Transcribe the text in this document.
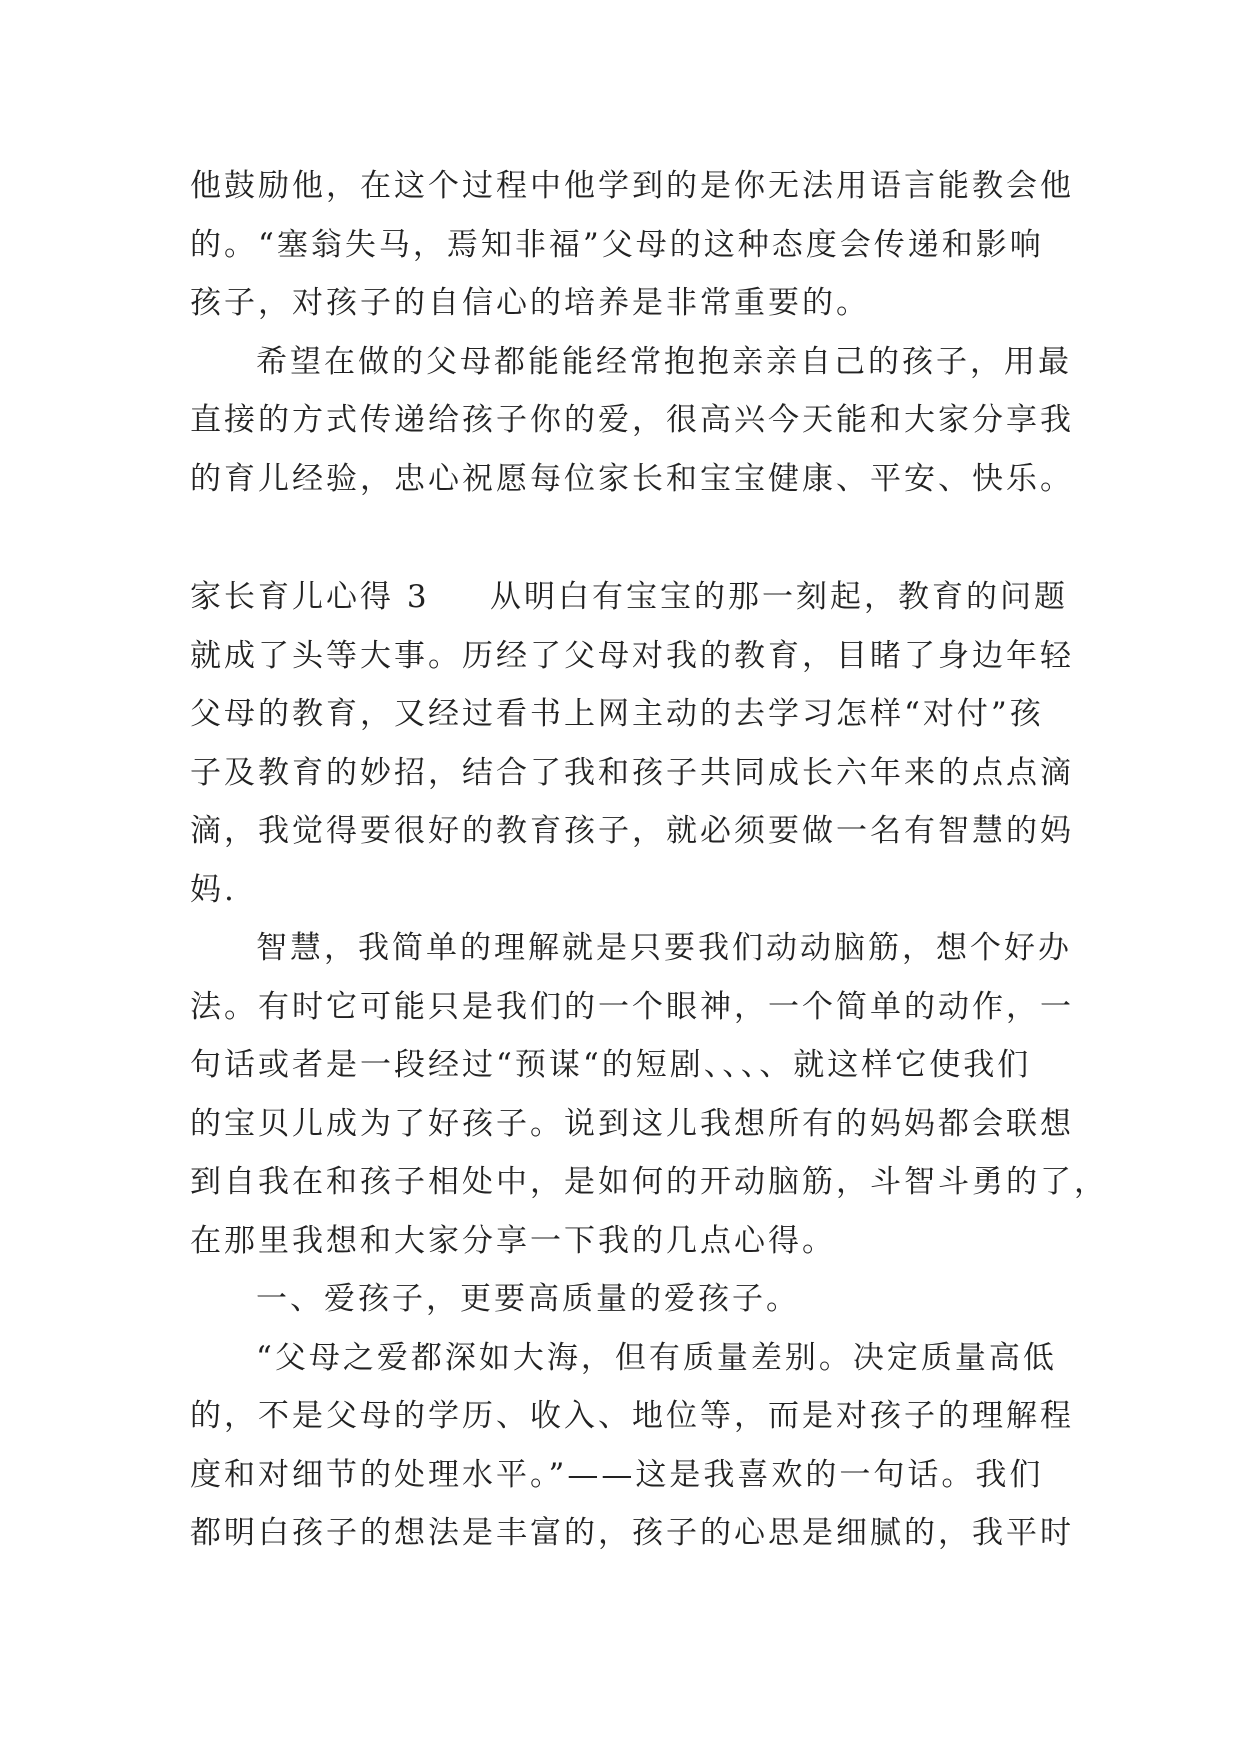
他鼓励他，在这个过程中他学到的是你无法用语言能教会他
的。“塞翁失马，焉知非福”父母的这种态度会传递和影响
孩子，对孩子的自信心的培养是非常重要的。
希望在做的父母都能能经常抱抱亲亲自己的孩子，用最
直接的方式传递给孩子你的爱，很高兴今天能和大家分享我
的育儿经验，忠心祝愿每位家长和宝宝健康、平安、快乐。
家长育儿心得 3 从明白有宝宝的那一刻起，教育的问题
就成了头等大事。历经了父母对我的教育，目睹了身边年轻
父母的教育，又经过看书上网主动的去学习怎样“对付”孩
子及教育的妙招，结合了我和孩子共同成长六年来的点点滴
滴，我觉得要很好的教育孩子，就必须要做一名有智慧的妈
妈.
智慧，我简单的理解就是只要我们动动脑筋，想个好办
法。有时它可能只是我们的一个眼神，一个简单的动作，一
句话或者是一段经过“预谋“的短剧、、、、就这样它使我们
的宝贝儿成为了好孩子。说到这儿我想所有的妈妈都会联想
到自我在和孩子相处中，是如何的开动脑筋，斗智斗勇的了，
在那里我想和大家分享一下我的几点心得。
一、爱孩子，更要高质量的爱孩子。
“父母之爱都深如大海，但有质量差别。决定质量高低
的，不是父母的学历、收入、地位等，而是对孩子的理解程
度和对细节的处理水平。”——这是我喜欢的一句话。我们
都明白孩子的想法是丰富的，孩子的心思是细腻的，我平时
